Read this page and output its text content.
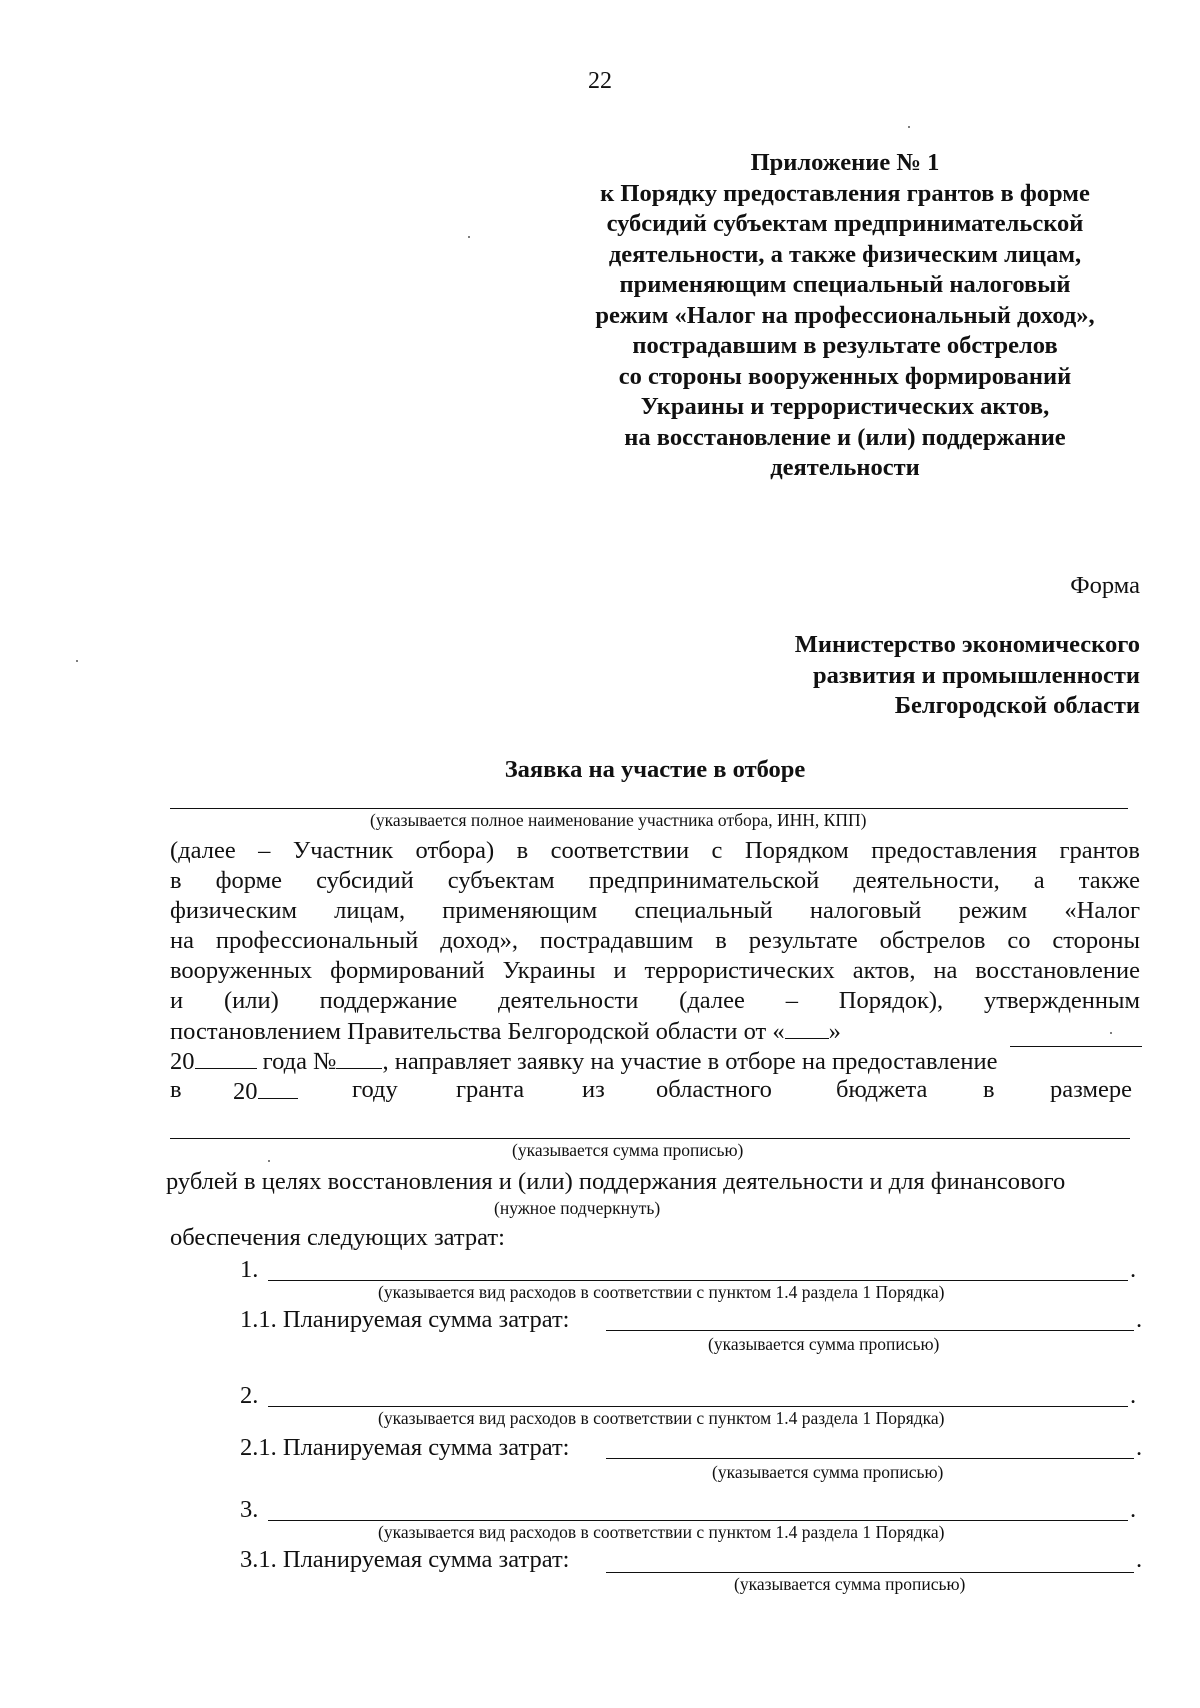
22
Приложение № 1
к Порядку предоставления грантов в форме
субсидий субъектам предпринимательской
деятельности, а также физическим лицам,
применяющим специальный налоговый
режим «Налог на профессиональный доход»,
пострадавшим в результате обстрелов
со стороны вооруженных формирований
Украины и террористических актов,
на восстановление и (или) поддержание
деятельности
Форма
Министерство экономического
развития и промышленности
Белгородской области
Заявка на участие в отборе
(указывается полное наименование участника отбора, ИНН, КПП)
(далее – Участник отбора) в соответствии с Порядком предоставления грантов
в форме субсидий субъектам предпринимательской деятельности, а также
физическим лицам, применяющим специальный налоговый режим «Налог
на профессиональный доход», пострадавшим в результате обстрелов со стороны
вооруженных формирований Украины и террористических актов, на восстановление
и (или) поддержание деятельности (далее – Порядок), утвержденным
постановлением Правительства Белгородской области от « »
20	года № , направляет заявку на участие в отборе на предоставление
в 20	году гранта из областного	бюджета в размере
(указывается сумма прописью)
рублей в целях восстановления и (или) поддержания деятельности и для финансового
(нужное подчеркнуть)
обеспечения следующих затрат:
1.	.
(указывается вид расходов в соответствии с пунктом 1.4 раздела 1 Порядка)
1.1. Планируемая сумма затрат:	.
(указывается сумма прописью)
2.	.
(указывается вид расходов в соответствии с пунктом 1.4 раздела 1 Порядка)
2.1. Планируемая сумма затрат:	.
(указывается сумма прописью)
3.	.
(указывается вид расходов в соответствии с пунктом 1.4 раздела 1 Порядка)
3.1. Планируемая сумма затрат:	.
(указывается сумма прописью)
